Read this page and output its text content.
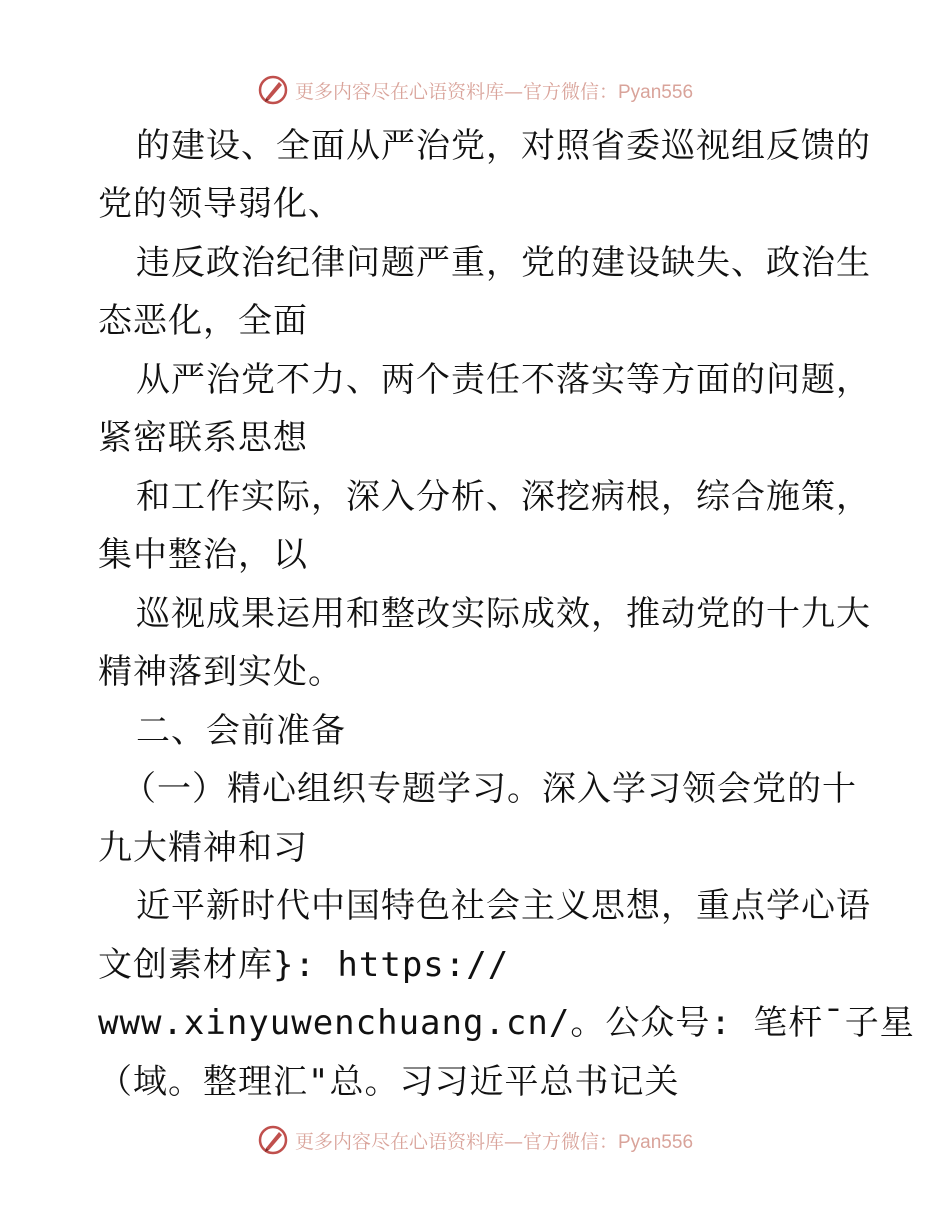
更多内容尽在心语资料库—官方微信：Pyan556
的建设、全面从严治党，对照省委巡视组反馈的
党的领导弱化、
违反政治纪律问题严重，党的建设缺失、政治生
态恶化，全面
从严治党不力、两个责任不落实等方面的问题，
紧密联系思想
和工作实际，深入分析、深挖病根，综合施策，
集中整治，以
巡视成果运用和整改实际成效，推动党的十九大
精神落到实处。
二、会前准备
（一）精心组织专题学习。深入学习领会党的十
九大精神和习
近平新时代中国特色社会主义思想，重点学心语
文创素材库}: https://
www.xinyuwenchuang.cn/。公众号: 笔杆¯子星
（域。整理汇"总。习习近平总书记关
更多内容尽在心语资料库—官方微信：Pyan556
